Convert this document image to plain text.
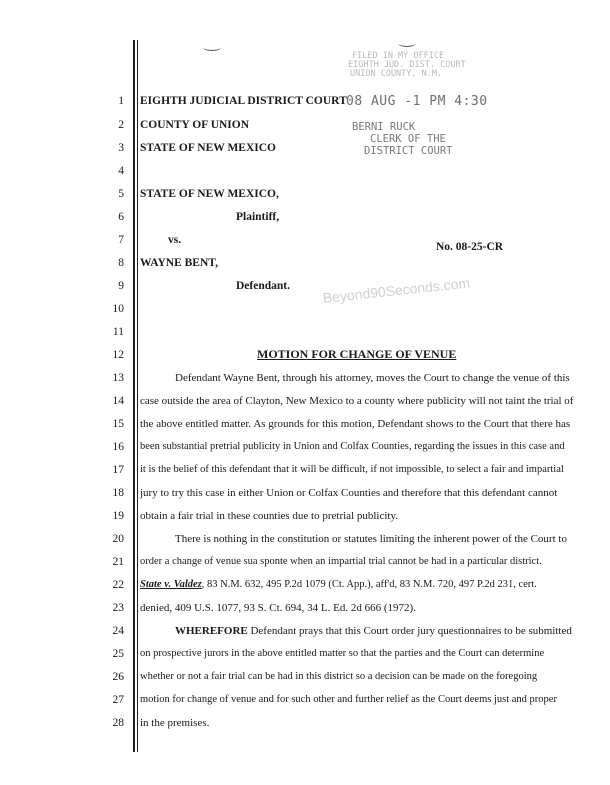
1
2
3
4
5
6
7
8
9
10
11
12
13
14
15
16
17
18
19
20
21
22
23
24
25
26
27
28
FILED IN MY OFFICE
EIGHTH JUD. DIST. COURT
UNION COUNTY, N.M.
08 AUG -1 PM 4:30
BERNI RUCK
CLERK OF THE
DISTRICT COURT
EIGHTH JUDICIAL DISTRICT COURT
COUNTY OF UNION
STATE OF NEW MEXICO
STATE OF NEW MEXICO,
Plaintiff,
vs.
No. 08-25-CR
WAYNE BENT,
Defendant. Beyond90Seconds.com
MOTION FOR CHANGE OF VENUE
Defendant Wayne Bent, through his attorney, moves the Court to change the venue of this
case outside the area of Clayton, New Mexico to a county where publicity will not taint the trial of
the above entitled matter. As grounds for this motion, Defendant shows to the Court that there has
been substantial pretrial publicity in Union and Colfax Counties, regarding the issues in this case and
it is the belief of this defendant that it will be difficult, if not impossible, to select a fair and impartial
jury to try this case in either Union or Colfax Counties and therefore that this defendant cannot
obtain a fair trial in these counties due to pretrial publicity.
There is nothing in the constitution or statutes limiting the inherent power of the Court to
order a change of venue sua sponte when an impartial trial cannot be had in a particular district.
State v. Valdez, 83 N.M. 632, 495 P.2d 1079 (Ct. App.), aff'd, 83 N.M. 720, 497 P.2d 231, cert.
denied, 409 U.S. 1077, 93 S. Ct. 694, 34 L. Ed. 2d 666 (1972).
WHEREFORE Defendant prays that this Court order jury questionnaires to be submitted
on prospective jurors in the above entitled matter so that the parties and the Court can determine
whether or not a fair trial can be had in this district so a decision can be made on the foregoing
motion for change of venue and for such other and further relief as the Court deems just and proper
in the premises.
